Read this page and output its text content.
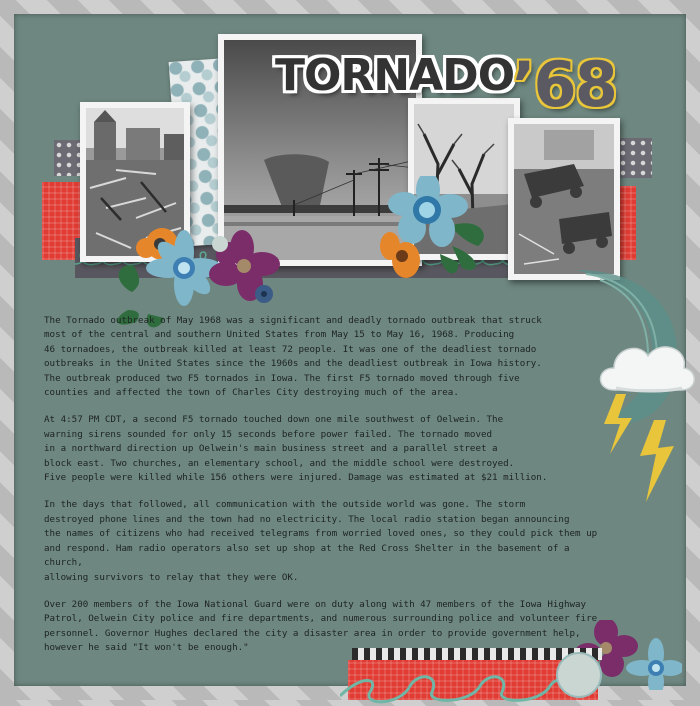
TORNADO
’68

The Tornado outbreak of May 1968 was a significant and deadly tornado outbreak that struck
most of the central and southern United States from May 15 to May 16, 1968. Producing
46 tornadoes, the outbreak killed at least 72 people. It was one of the deadliest tornado
outbreaks in the United States since the 1960s and the deadliest outbreak in Iowa history.
The outbreak produced two F5 tornados in Iowa. The first F5 tornado moved through five
counties and affected the town of Charles City destroying much of the area.

At 4:57 PM CDT, a second F5 tornado touched down one mile southwest of Oelwein. The
warning sirens sounded for only 15 seconds before power failed. The tornado moved
in a northward direction up Oelwein's main business street and a parallel street a
block east. Two churches, an elementary school, and the middle school were destroyed.
Five people were killed while 156 others were injured. Damage was estimated at $21 million.

In the days that followed, all communication with the outside world was gone. The storm
destroyed phone lines and the town had no electricity. The local radio station began announcing
the names of citizens who had received telegrams from worried loved ones, so they could pick them up
and respond. Ham radio operators also set up shop at the Red Cross Shelter in the basement of a church,
allowing survivors to relay that they were OK.

Over 200 members of the Iowa National Guard were on duty along with 47 members of the Iowa Highway
Patrol, Oelwein City police and fire departments, and numerous surrounding police and volunteer fire
personnel. Governor Hughes declared the city a disaster area in order to provide government help,
however he said "It won't be enough."
